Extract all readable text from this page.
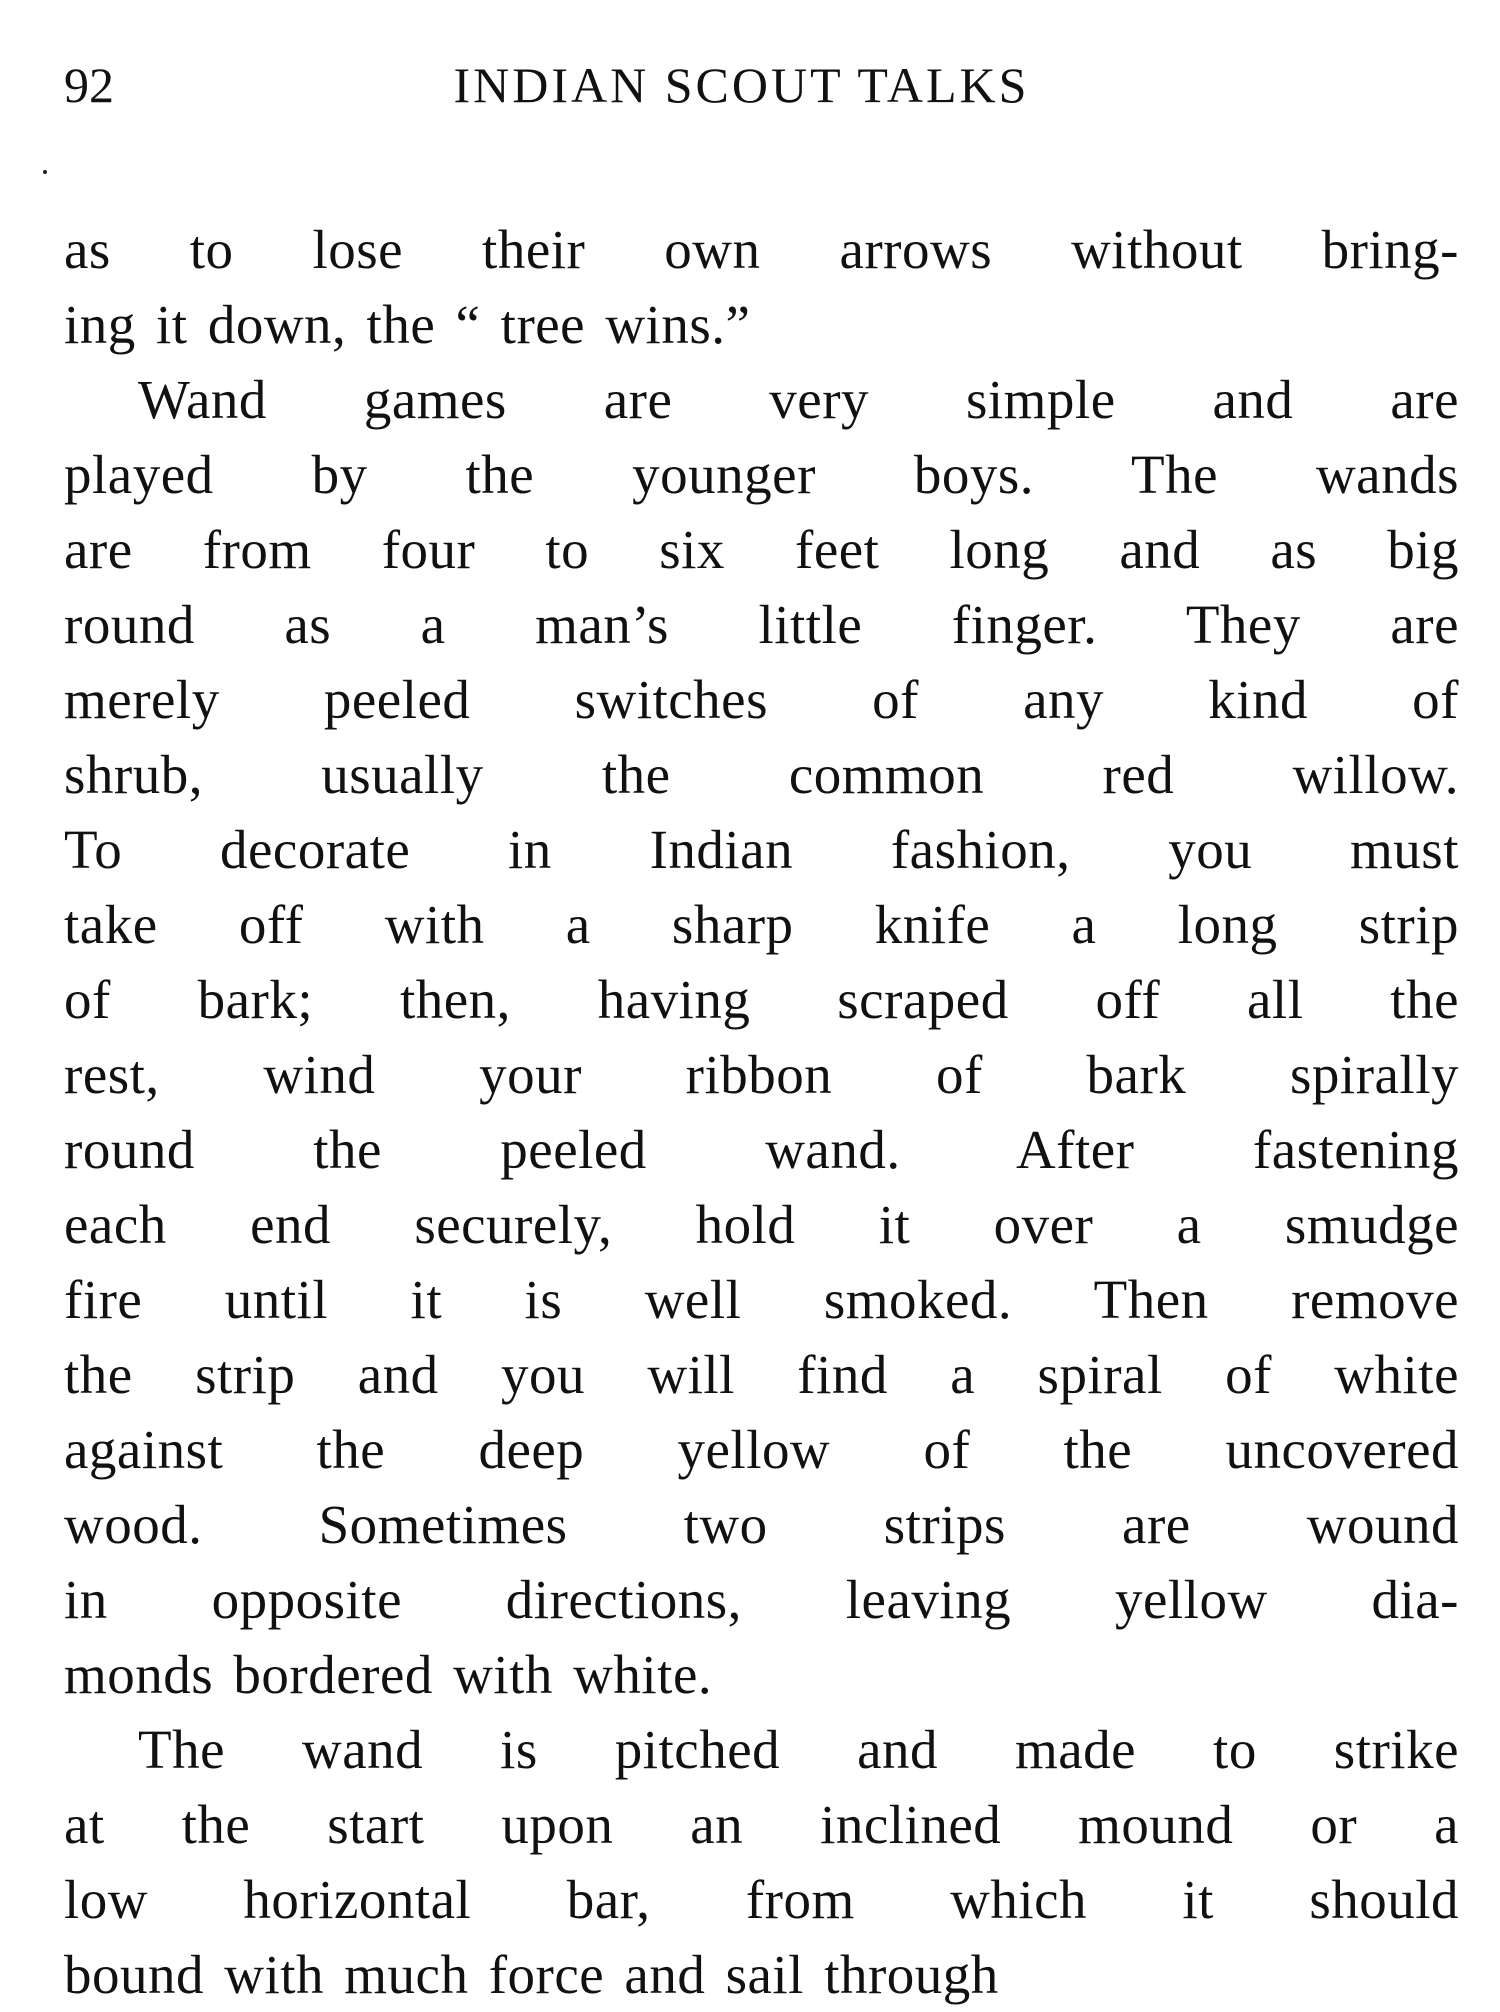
92	INDIAN SCOUT TALKS
as to lose their own arrows without bring-
ing it down, the “ tree wins.”
Wand games are very simple and are
played by the younger boys. The wands
are from four to six feet long and as big
round as a man’s little finger. They are
merely peeled switches of any kind of
shrub, usually the common red willow.
To decorate in Indian fashion, you must
take off with a sharp knife a long strip
of bark; then, having scraped off all the
rest, wind your ribbon of bark spirally
round the peeled wand. After fastening
each end securely, hold it over a smudge
fire until it is well smoked. Then remove
the strip and you will find a spiral of white
against the deep yellow of the uncovered
wood. Sometimes two strips are wound
in opposite directions, leaving yellow dia-
monds bordered with white.
The wand is pitched and made to strike
at the start upon an inclined mound or a
low horizontal bar, from which it should
bound with much force and sail through
